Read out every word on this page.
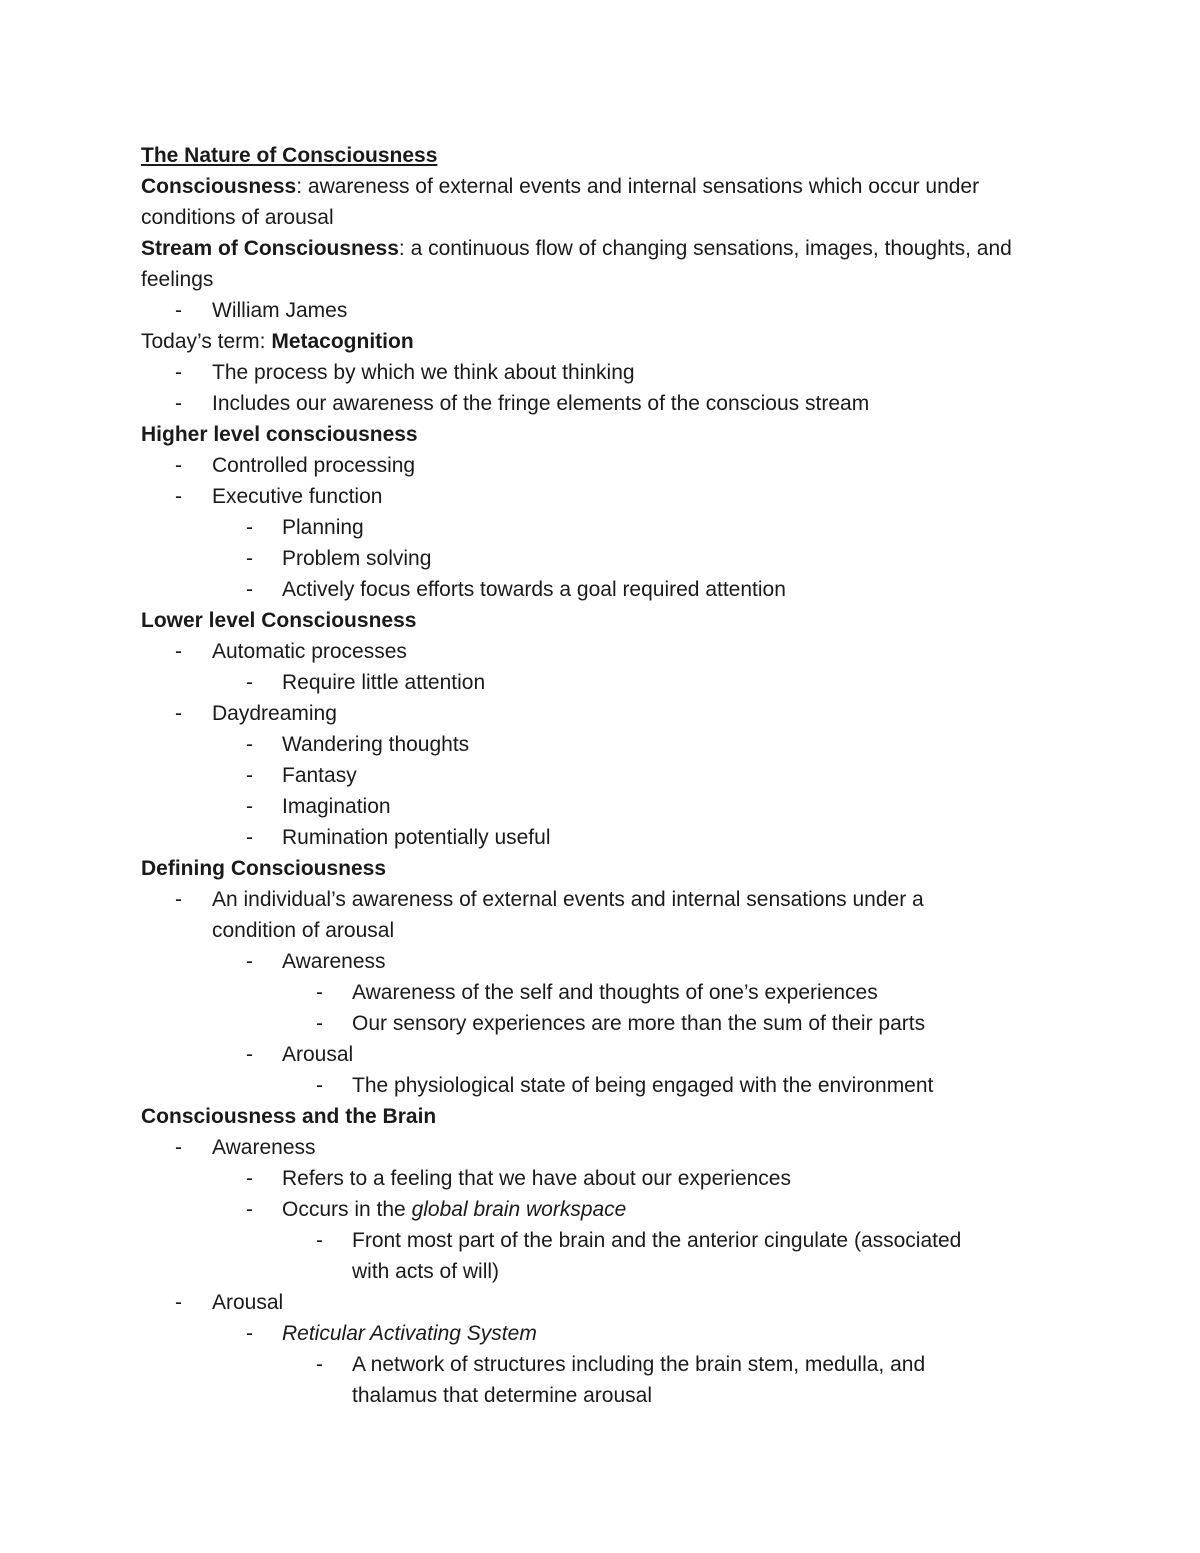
The Nature of Consciousness
Consciousness: awareness of external events and internal sensations which occur under conditions of arousal
Stream of Consciousness: a continuous flow of changing sensations, images, thoughts, and feelings
- William James
Today’s term: Metacognition
- The process by which we think about thinking
- Includes our awareness of the fringe elements of the conscious stream
Higher level consciousness
- Controlled processing
- Executive function
- Planning
- Problem solving
- Actively focus efforts towards a goal required attention
Lower level Consciousness
- Automatic processes
- Require little attention
- Daydreaming
- Wandering thoughts
- Fantasy
- Imagination
- Rumination potentially useful
Defining Consciousness
- An individual’s awareness of external events and internal sensations under a
condition of arousal
- Awareness
- Awareness of the self and thoughts of one’s experiences
- Our sensory experiences are more than the sum of their parts
- Arousal
- The physiological state of being engaged with the environment
Consciousness and the Brain
- Awareness
- Refers to a feeling that we have about our experiences
- Occurs in the global brain workspace
- Front most part of the brain and the anterior cingulate (associated
with acts of will)
- Arousal
- Reticular Activating System
- A network of structures including the brain stem, medulla, and
thalamus that determine arousal
